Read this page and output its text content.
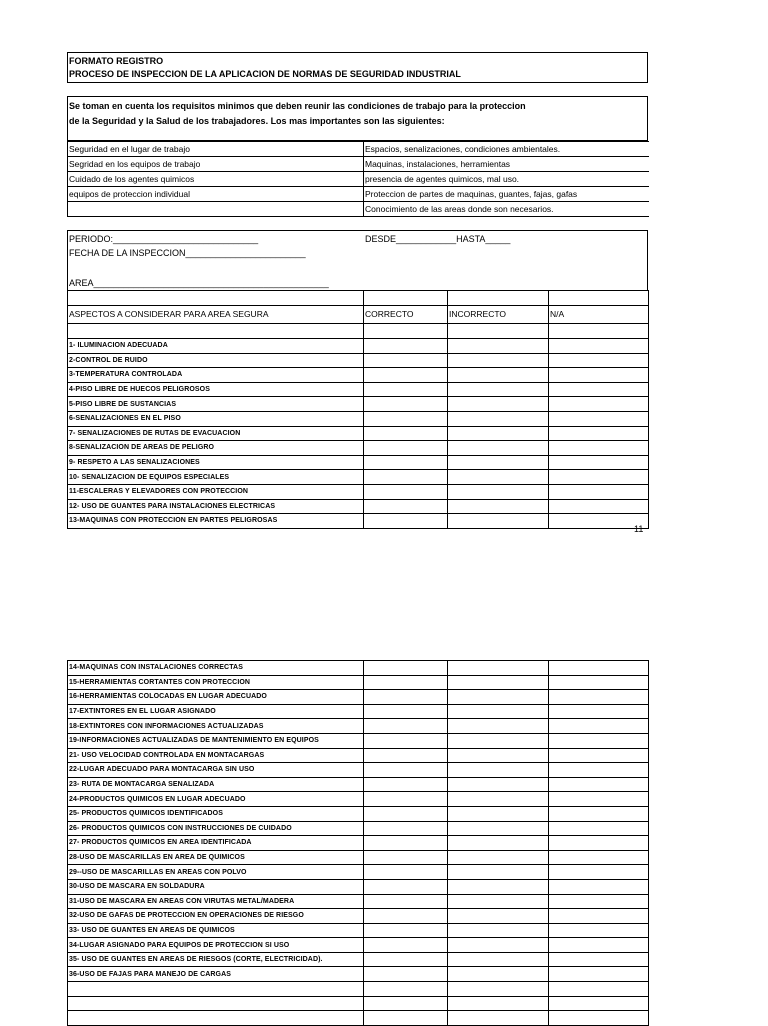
FORMATO REGISTRO
PROCESO DE INSPECCION DE LA APLICACION DE NORMAS DE SEGURIDAD INDUSTRIAL
Se toman en cuenta los requisitos minimos que deben reunir las condiciones de trabajo para la proteccion
de la Seguridad y la Salud de los trabajadores. Los mas importantes son las siguientes:
Seguridad en el lugar de trabajo	Espacios, senalizaciones, condiciones ambientales.
Segridad en los equipos de trabajo	Maquinas, instalaciones, herramientas
Cuidado de los agentes quimicos	presencia de agentes quimicos, mal uso.
equipos de proteccion individual	Proteccion de partes de maquinas, guantes, fajas, gafas
	Conocimiento de las areas donde son necesarios.
PERIODO:_____________________________	DESDE____________HASTA_____
FECHA DE LA INSPECCION________________________
AREA_______________________________________________

ASPECTOS A CONSIDERAR PARA AREA SEGURA	CORRECTO	INCORRECTO	N/A

1- ILUMINACION ADECUADA			
2-CONTROL DE RUIDO			
3-TEMPERATURA CONTROLADA			
4-PISO LIBRE DE HUECOS PELIGROSOS			
5-PISO LIBRE DE SUSTANCIAS			
6-SENALIZACIONES EN EL PISO			
7- SENALIZACIONES DE RUTAS DE EVACUACION			
8-SENALIZACION DE AREAS DE PELIGRO			
9- RESPETO A LAS SENALIZACIONES			
10- SENALIZACION DE EQUIPOS ESPECIALES			
11-ESCALERAS Y ELEVADORES CON PROTECCION			
12- USO DE GUANTES PARA INSTALACIONES ELECTRICAS			
13-MAQUINAS CON PROTECCION EN PARTES PELIGROSAS			
11
14-MAQUINAS CON INSTALACIONES CORRECTAS			
15-HERRAMIENTAS CORTANTES CON PROTECCION			
16-HERRAMIENTAS COLOCADAS EN LUGAR ADECUADO			
17-EXTINTORES EN EL LUGAR ASIGNADO			
18-EXTINTORES CON INFORMACIONES ACTUALIZADAS			
19-INFORMACIONES ACTUALIZADAS DE MANTENIMIENTO EN EQUIPOS			
21- USO VELOCIDAD CONTROLADA EN MONTACARGAS			
22-LUGAR ADECUADO PARA MONTACARGA SIN USO			
23- RUTA DE MONTACARGA SENALIZADA			
24-PRODUCTOS QUIMICOS EN LUGAR ADECUADO			
25- PRODUCTOS QUIMICOS IDENTIFICADOS			
26- PRODUCTOS QUIMICOS CON INSTRUCCIONES DE CUIDADO			
27- PRODUCTOS QUIMICOS EN AREA IDENTIFICADA			
28-USO DE MASCARILLAS EN AREA DE QUIMICOS			
29--USO DE MASCARILLAS EN AREAS CON POLVO			
30-USO DE MASCARA EN SOLDADURA			
31-USO DE MASCARA EN AREAS CON VIRUTAS METAL/MADERA			
32-USO DE GAFAS DE PROTECCION EN OPERACIONES DE RIESGO			
33- USO DE GUANTES EN AREAS DE QUIMICOS			
34-LUGAR ASIGNADO PARA EQUIPOS DE PROTECCION SI USO			
35- USO DE GUANTES EN AREAS DE RIESGOS (CORTE, ELECTRICIDAD).			
36-USO DE FAJAS PARA MANEJO DE CARGAS			
